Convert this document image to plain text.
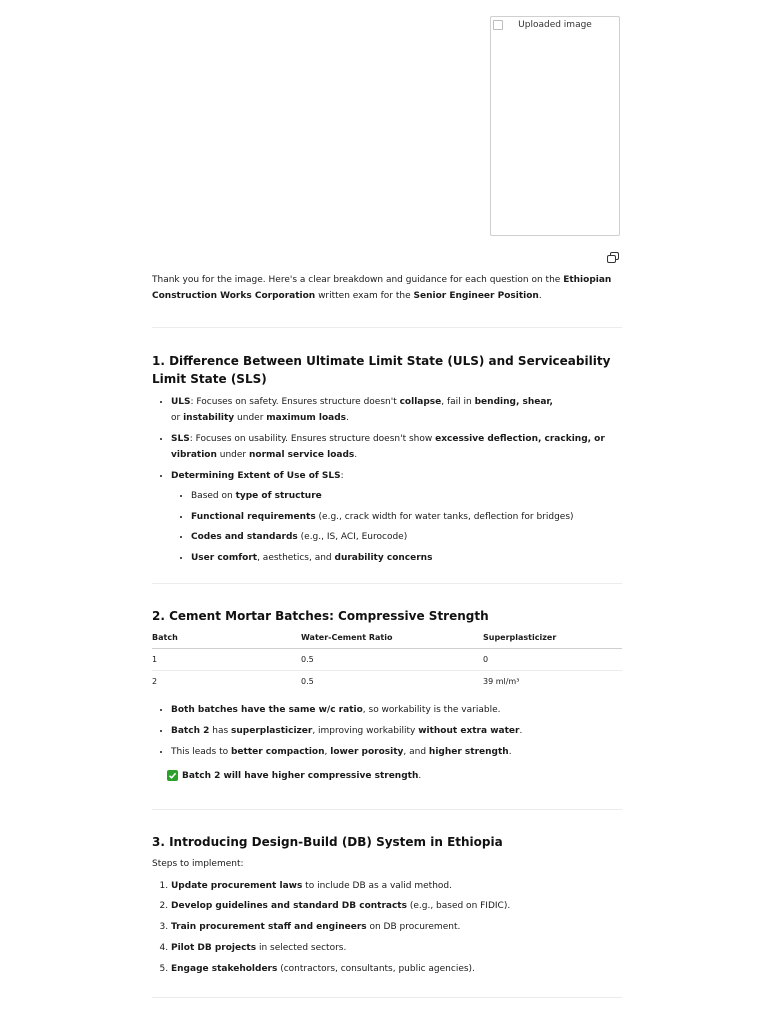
Uploaded image

Thank you for the image. Here's a clear breakdown and guidance for each question on the Ethiopian Construction Works Corporation written exam for the Senior Engineer Position.

1. Difference Between Ultimate Limit State (ULS) and Serviceability Limit State (SLS)
• ULS: Focuses on safety. Ensures structure doesn't collapse, fail in bending, shear,
or instability under maximum loads.
• SLS: Focuses on usability. Ensures structure doesn't show excessive deflection, cracking, or vibration under normal service loads.
• Determining Extent of Use of SLS:
• Based on type of structure
• Functional requirements (e.g., crack width for water tanks, deflection for bridges)
• Codes and standards (e.g., IS, ACI, Eurocode)
• User comfort, aesthetics, and durability concerns
2. Cement Mortar Batches: Compressive Strength
Batch	Water-Cement Ratio	Superplasticizer
1	0.5	0
2	0.5	39 ml/m³
• Both batches have the same w/c ratio, so workability is the variable.
• Batch 2 has superplasticizer, improving workability without extra water.
• This leads to better compaction, lower porosity, and higher strength.
Batch 2 will have higher compressive strength.
3. Introducing Design-Build (DB) System in Ethiopia
Steps to implement:
1. Update procurement laws to include DB as a valid method.
2. Develop guidelines and standard DB contracts (e.g., based on FIDIC).
3. Train procurement staff and engineers on DB procurement.
4. Pilot DB projects in selected sectors.
5. Engage stakeholders (contractors, consultants, public agencies).
